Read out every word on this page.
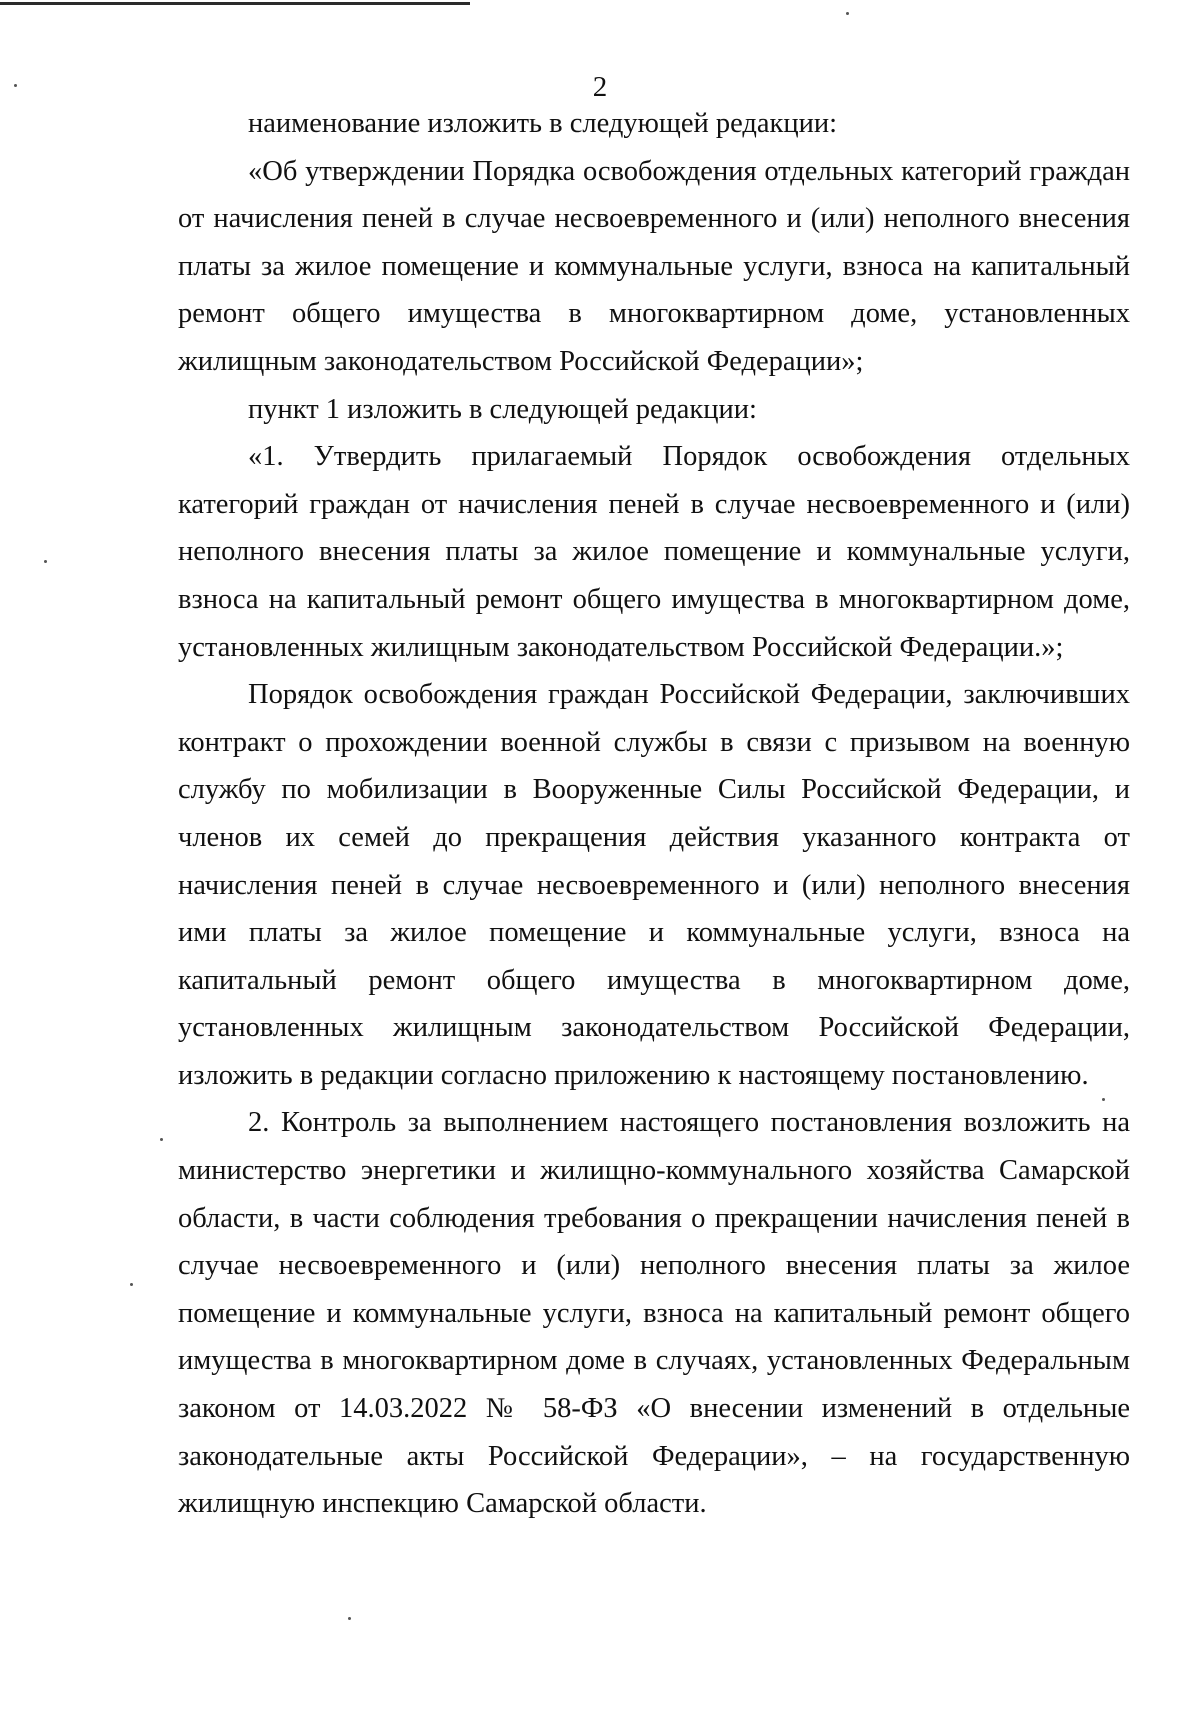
2

наименование изложить в следующей редакции:

«Об утверждении Порядка освобождения отдельных категорий граждан от начисления пеней в случае несвоевременного и (или) неполного внесения платы за жилое помещение и коммунальные услуги, взноса на капитальный ремонт общего имущества в многоквартирном доме, установленных жилищным законодательством Российской Федерации»;

пункт 1 изложить в следующей редакции:

«1. Утвердить прилагаемый Порядок освобождения отдельных категорий граждан от начисления пеней в случае несвоевременного и (или) неполного внесения платы за жилое помещение и коммунальные услуги, взноса на капитальный ремонт общего имущества в многоквартирном доме, установленных жилищным законодательством Российской Федерации.»;

Порядок освобождения граждан Российской Федерации, заключивших контракт о прохождении военной службы в связи с призывом на военную службу по мобилизации в Вооруженные Силы Российской Федерации, и членов их семей до прекращения действия указанного контракта от начисления пеней в случае несвоевременного и (или) неполного внесения ими платы за жилое помещение и коммунальные услуги, взноса на капитальный ремонт общего имущества в многоквартирном доме, установленных жилищным законодательством Российской Федерации, изложить в редакции согласно приложению к настоящему постановлению.

2. Контроль за выполнением настоящего постановления возложить на министерство энергетики и жилищно-коммунального хозяйства Самарской области, в части соблюдения требования о прекращении начисления пеней в случае несвоевременного и (или) неполного внесения платы за жилое помещение и коммунальные услуги, взноса на капитальный ремонт общего имущества в многоквартирном доме в случаях, установленных Федеральным законом от 14.03.2022 № 58-ФЗ «О внесении изменений в отдельные законодательные акты Российской Федерации», – на государственную жилищную инспекцию Самарской области.
